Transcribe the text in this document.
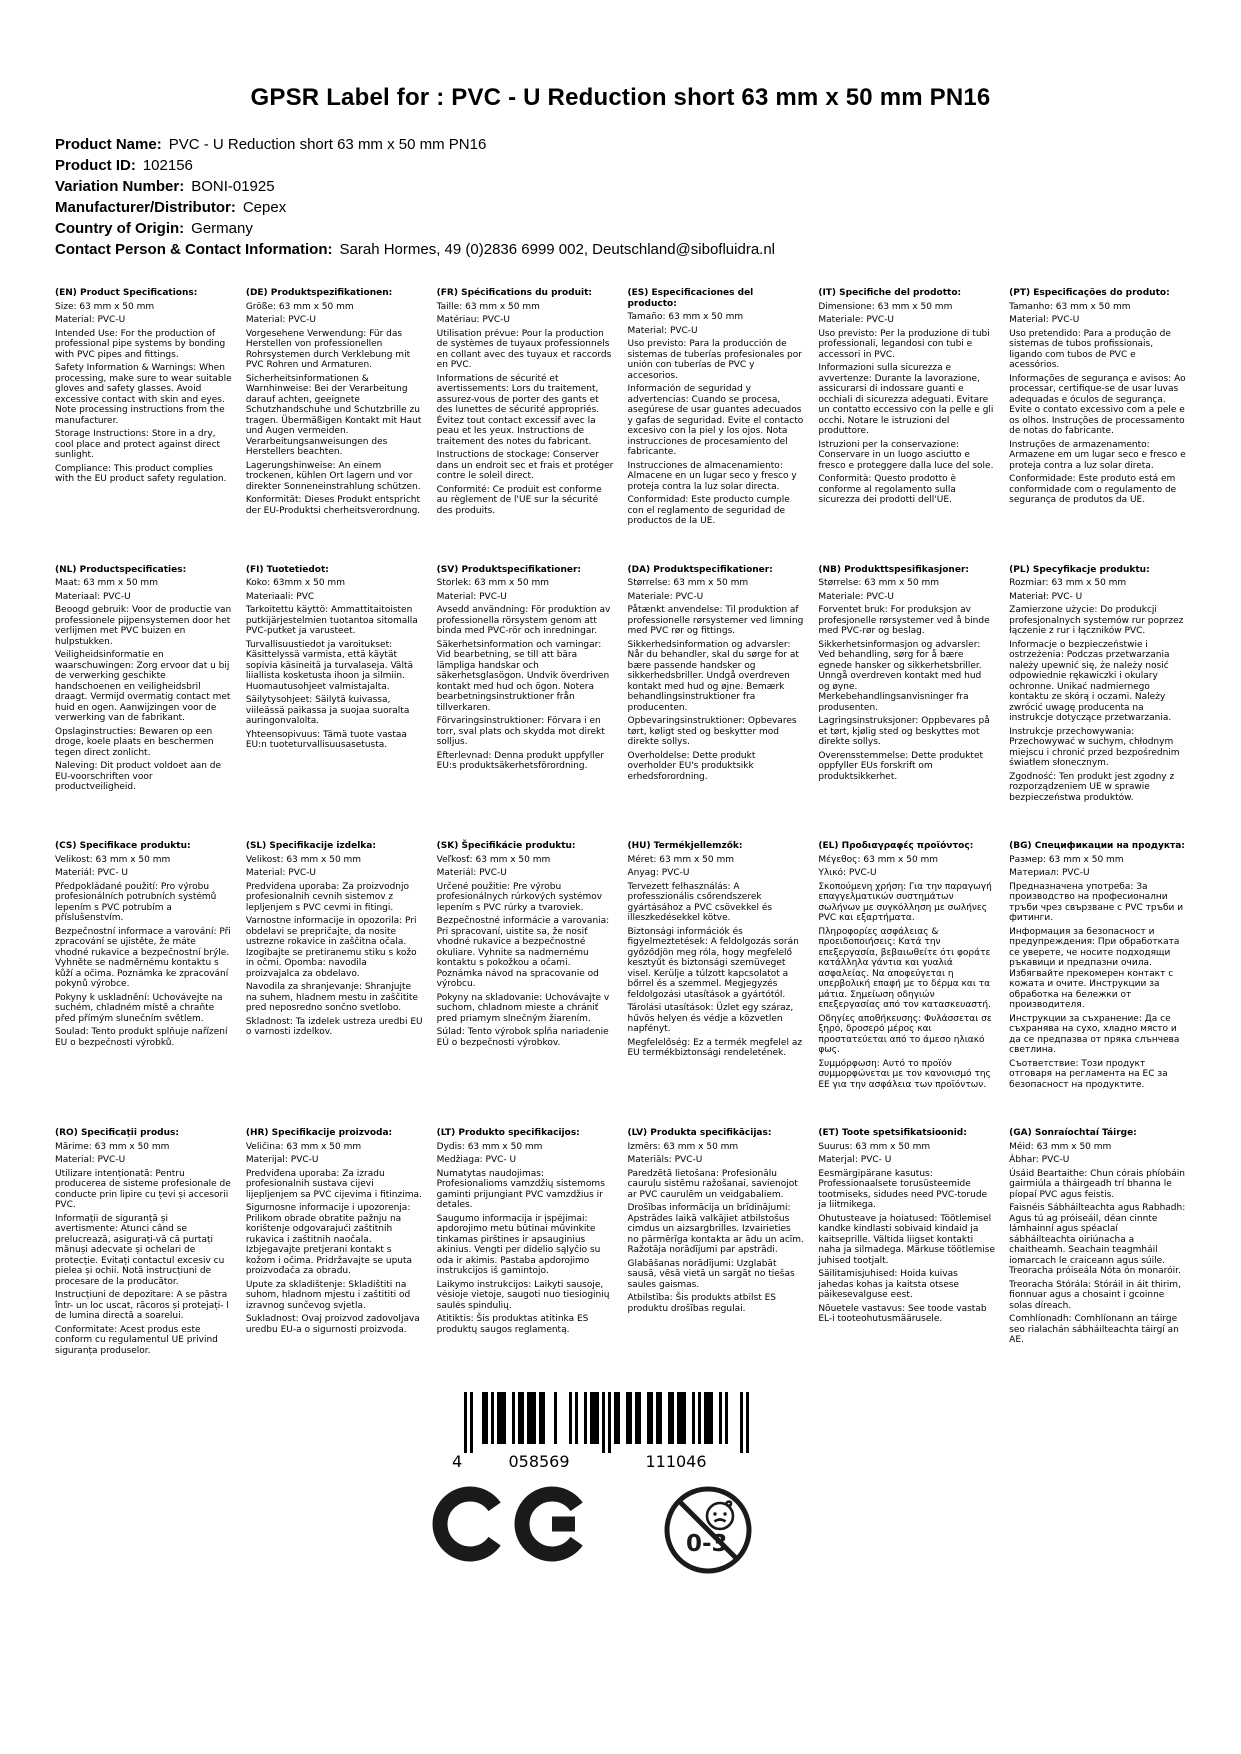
GPSR Label for : PVC - U Reduction short 63 mm x 50 mm PN16
Product Name: PVC - U Reduction short 63 mm x 50 mm PN16
Product ID: 102156
Variation Number: BONI-01925
Manufacturer/Distributor: Cepex
Country of Origin: Germany
Contact Person & Contact Information: Sarah Hormes, 49 (0)2836 6999 002, Deutschland@sibofluidra.nl
(EN) Product Specifications:

Size: 63 mm x 50 mm

Material: PVC-U

Intended Use: For the production of professional pipe systems by bonding with PVC pipes and fittings.

Safety Information & Warnings: When processing, make sure to wear suitable gloves and safety glasses. Avoid excessive contact with skin and eyes. Note processing instructions from the manufacturer.

Storage Instructions: Store in a dry, cool place and protect against direct sunlight.

Compliance: This product complies with the EU product safety regulation.

(DE) Produktspezifikationen:

Größe: 63 mm x 50 mm

Material: PVC-U

Vorgesehene Verwendung: Für das Herstellen von professionellen Rohrsystemen durch Verklebung mit PVC Rohren und Armaturen.

Sicherheitsinformationen & Warnhinweise: Bei der Verarbeitung darauf achten, geeignete Schutzhandschuhe und Schutzbrille zu tragen. Übermäßigen Kontakt mit Haut und Augen vermeiden. Verarbeitungsanweisungen des Herstellers beachten.

Lagerungshinweise: An einem trockenen, kühlen Ort lagern und vor direkter Sonneneinstrahlung schützen.

Konformität: Dieses Produkt entspricht der EU-Produktsi cherheitsverordnung.

(FR) Spécifications du produit:

Taille: 63 mm x 50 mm

Matériau: PVC-U

Utilisation prévue: Pour la production de systèmes de tuyaux professionnels en collant avec des tuyaux et raccords en PVC.

Informations de sécurité et avertissements: Lors du traitement, assurez-vous de porter des gants et des lunettes de sécurité appropriés. Évitez tout contact excessif avec la peau et les yeux. Instructions de traitement des notes du fabricant.

Instructions de stockage: Conserver dans un endroit sec et frais et protéger contre le soleil direct.

Conformité: Ce produit est conforme au règlement de l'UE sur la sécurité des produits.

(ES) Especificaciones del producto:

Tamaño: 63 mm x 50 mm

Material: PVC-U

Uso previsto: Para la producción de sistemas de tuberías profesionales por unión con tuberías de PVC y accesorios.

Información de seguridad y advertencias: Cuando se procesa, asegúrese de usar guantes adecuados y gafas de seguridad. Evite el contacto excesivo con la piel y los ojos. Nota instrucciones de procesamiento del fabricante.

Instrucciones de almacenamiento: Almacene en un lugar seco y fresco y proteja contra la luz solar directa.

Conformidad: Este producto cumple con el reglamento de seguridad de productos de la UE.

(IT) Specifiche del prodotto:

Dimensione: 63 mm x 50 mm

Materiale: PVC-U

Uso previsto: Per la produzione di tubi professionali, legandosi con tubi e accessori in PVC.

Informazioni sulla sicurezza e avvertenze: Durante la lavorazione, assicurarsi di indossare guanti e occhiali di sicurezza adeguati. Evitare un contatto eccessivo con la pelle e gli occhi. Notare le istruzioni del produttore.

Istruzioni per la conservazione: Conservare in un luogo asciutto e fresco e proteggere dalla luce del sole.

Conformità: Questo prodotto è conforme al regolamento sulla sicurezza dei prodotti dell'UE.

(PT) Especificações do produto:

Tamanho: 63 mm x 50 mm

Material: PVC-U

Uso pretendido: Para a produção de sistemas de tubos profissionais, ligando com tubos de PVC e acessórios.

Informações de segurança e avisos: Ao processar, certifique-se de usar luvas adequadas e óculos de segurança. Evite o contato excessivo com a pele e os olhos. Instruções de processamento de notas do fabricante.

Instruções de armazenamento: Armazene em um lugar seco e fresco e proteja contra a luz solar direta.

Conformidade: Este produto está em conformidade com o regulamento de segurança de produtos da UE.

(NL) Productspecificaties:

Maat: 63 mm x 50 mm

Materiaal: PVC-U

Beoogd gebruik: Voor de productie van professionele pijpensystemen door het verlijmen met PVC buizen en hulpstukken.

Veiligheidsinformatie en waarschuwingen: Zorg ervoor dat u bij de verwerking geschikte handschoenen en veiligheidsbril draagt. Vermijd overmatig contact met huid en ogen. Aanwijzingen voor de verwerking van de fabrikant.

Opslaginstructies: Bewaren op een droge, koele plaats en beschermen tegen direct zonlicht.

Naleving: Dit product voldoet aan de EU-voorschriften voor productveiligheid.

(FI) Tuotetiedot:

Koko: 63mm x 50 mm

Materiaali: PVC

Tarkoitettu käyttö: Ammattitaitoisten putkijärjestelmien tuotantoa sitomalla PVC-putket ja varusteet.

Turvallisuustiedot ja varoitukset: Käsittelyssä varmista, että käytät sopivia käsineitä ja turvalaseja. Vältä liiallista kosketusta ihoon ja silmiin. Huomautusohjeet valmistajalta.

Säilytysohjeet: Säilytä kuivassa, viileässä paikassa ja suojaa suoralta auringonvalolta.

Yhteensopivuus: Tämä tuote vastaa EU:n tuoteturvallisuusasetusta.

(SV) Produktspecifikationer:

Storlek: 63 mm x 50 mm

Material: PVC-U

Avsedd användning: För produktion av professionella rörsystem genom att binda med PVC-rör och inredningar.

Säkerhetsinformation och varningar: Vid bearbetning, se till att bära lämpliga handskar och säkerhetsglasögon. Undvik överdriven kontakt med hud och ögon. Notera bearbetningsinstruktioner från tillverkaren.

Förvaringsinstruktioner: Förvara i en torr, sval plats och skydda mot direkt solljus.

Efterlevnad: Denna produkt uppfyller EU:s produktsäkerhetsförordning.

(DA) Produktspecifikationer:

Størrelse: 63 mm x 50 mm

Materiale: PVC-U

Påtænkt anvendelse: Til produktion af professionelle rørsystemer ved limning med PVC rør og fittings.

Sikkerhedsinformation og advarsler: Når du behandler, skal du sørge for at bære passende handsker og sikkerhedsbriller. Undgå overdreven kontakt med hud og øjne. Bemærk behandlingsinstruktioner fra producenten.

Opbevaringsinstruktioner: Opbevares tørt, køligt sted og beskytter mod direkte sollys.

Overholdelse: Dette produkt overholder EU's produktsikk erhedsforordning.

(NB) Produkttspesifikasjoner:

Størrelse: 63 mm x 50 mm

Materiale: PVC-U

Forventet bruk: For produksjon av profesjonelle rørsystemer ved å binde med PVC-rør og beslag.

Sikkerhetsinformasjon og advarsler: Ved behandling, sørg for å bære egnede hansker og sikkerhetsbriller. Unngå overdreven kontakt med hud og øyne. Merkebehandlingsanvisninger fra produsenten.

Lagringsinstruksjoner: Oppbevares på et tørt, kjølig sted og beskyttes mot direkte sollys.

Overensstemmelse: Dette produktet oppfyller EUs forskrift om produktsikkerhet.

(PL) Specyfikacje produktu:

Rozmiar: 63 mm x 50 mm

Materiał: PVC- U

Zamierzone użycie: Do produkcji profesjonalnych systemów rur poprzez łączenie z rur i łączników PVC.

Informacje o bezpieczeństwie i ostrzeżenia: Podczas przetwarzania należy upewnić się, że należy nosić odpowiednie rękawiczki i okulary ochronne. Unikać nadmiernego kontaktu ze skórą i oczami. Należy zwrócić uwagę producenta na instrukcje dotyczące przetwarzania.

Instrukcje przechowywania: Przechowywać w suchym, chłodnym miejscu i chronić przed bezpośrednim światłem słonecznym.

Zgodność: Ten produkt jest zgodny z rozporządzeniem UE w sprawie bezpieczeństwa produktów.

(CS) Specifikace produktu:

Velikost: 63 mm x 50 mm

Materiál: PVC- U

Předpokládané použití: Pro výrobu profesionálních potrubních systémů lepením s PVC potrubím a příslušenstvím.

Bezpečnostní informace a varování: Při zpracování se ujistěte, že máte vhodné rukavice a bezpečnostní brýle. Vyhněte se nadměrnému kontaktu s kůží a očima. Poznámka ke zpracování pokynů výrobce.

Pokyny k uskladnění: Uchovávejte na suchém, chladném místě a chraňte před přímým slunečním světlem.

Soulad: Tento produkt splňuje nařízení EU o bezpečnosti výrobků.

(SL) Specifikacije izdelka:

Velikost: 63 mm x 50 mm

Material: PVC-U

Predvidena uporaba: Za proizvodnjo profesionalnih cevnih sistemov z lepljenjem s PVC cevmi in fitingi.

Varnostne informacije in opozorila: Pri obdelavi se prepričajte, da nosite ustrezne rokavice in zaščitna očala. Izogibajte se pretiranemu stiku s kožo in očmi. Opomba: navodila proizvajalca za obdelavo.

Navodila za shranjevanje: Shranjujte na suhem, hladnem mestu in zaščitite pred neposredno sončno svetlobo.

Skladnost: Ta izdelek ustreza uredbi EU o varnosti izdelkov.

(SK) Špecifikácie produktu:

Veľkosť: 63 mm x 50 mm

Materiál: PVC-U

Určené použitie: Pre výrobu profesionálnych rúrkových systémov lepením s PVC rúrky a tvaroviek.

Bezpečnostné informácie a varovania: Pri spracovaní, uistite sa, že nosiť vhodné rukavice a bezpečnostné okuliare. Vyhnite sa nadmernému kontaktu s pokožkou a očami. Poznámka návod na spracovanie od výrobcu.

Pokyny na skladovanie: Uchovávajte v suchom, chladnom mieste a chrániť pred priamym slnečným žiarením.

Súlad: Tento výrobok spĺňa nariadenie EÚ o bezpečnosti výrobkov.

(HU) Termékjellemzők:

Méret: 63 mm x 50 mm

Anyag: PVC-U

Tervezett felhasználás: A professzionális csőrendszerek gyártásához a PVC csövekkel és illeszkedésekkel kötve.

Biztonsági információk és figyelmeztetések: A feldolgozás során győződjön meg róla, hogy megfelelő kesztyűt és biztonsági szemüveget visel. Kerülje a túlzott kapcsolatot a bőrrel és a szemmel. Megjegyzés feldolgozási utasítások a gyártótól.

Tárolási utasítások: Üzlet egy száraz, hűvös helyen és védje a közvetlen napfényt.

Megfelelőség: Ez a termék megfelel az EU termékbiztonsági rendeletének.

(EL) Προδιαγραφές προϊόντος:

Μέγεθος: 63 mm x 50 mm

Υλικό: PVC-U

Σκοπούμενη χρήση: Για την παραγωγή επαγγελματικών συστημάτων σωλήνων με συγκόλληση με σωλήνες PVC και εξαρτήματα.

Πληροφορίες ασφάλειας & προειδοποιήσεις: Κατά την επεξεργασία, βεβαιωθείτε ότι φοράτε κατάλληλα γάντια και γυαλιά ασφαλείας. Να αποφεύγεται η υπερβολική επαφή με το δέρμα και τα μάτια. Σημείωση οδηγιών επεξεργασίας από τον κατασκευαστή.

Οδηγίες αποθήκευσης: Φυλάσσεται σε ξηρό, δροσερό μέρος και προστατεύεται από το άμεσο ηλιακό φως.

Συμμόρφωση: Αυτό το προϊόν συμμορφώνεται με τον κανονισμό της ΕΕ για την ασφάλεια των προϊόντων.

(BG) Спецификации на продукта:

Размер: 63 mm x 50 mm

Материал: PVC-U

Предназначена употреба: За производство на професионални тръби чрез свързване с PVC тръби и фитинги.

Информация за безопасност и предупреждения: При обработката се уверете, че носите подходящи ръкавици и предпазни очила. Избягвайте прекомерен контакт с кожата и очите. Инструкции за обработка на бележки от производителя.

Инструкции за съхранение: Да се съхранява на сухо, хладно място и да се предпазва от пряка слънчева светлина.

Съответствие: Този продукт отговаря на регламента на ЕС за безопасност на продуктите.

(RO) Specificații produs:

Mărime: 63 mm x 50 mm

Material: PVC-U

Utilizare intenționată: Pentru producerea de sisteme profesionale de conducte prin lipire cu țevi și accesorii PVC.

Informații de siguranță și avertismente: Atunci când se prelucrează, asigurați-vă că purtați mănuși adecvate și ochelari de protecție. Evitați contactul excesiv cu pielea și ochii. Notă instrucțiuni de procesare de la producător.

Instrucțiuni de depozitare: A se păstra într- un loc uscat, răcoros și protejați- l de lumina directă a soarelui.

Conformitate: Acest produs este conform cu regulamentul UE privind siguranța produselor.

(HR) Specifikacije proizvoda:

Veličina: 63 mm x 50 mm

Materijal: PVC-U

Predviđena uporaba: Za izradu profesionalnih sustava cijevi lijepljenjem sa PVC cijevima i fitinzima.

Sigurnosne informacije i upozorenja: Prilikom obrade obratite pažnju na korištenje odgovarajući zaštitnih rukavica i zaštitnih naočala. Izbjegavajte pretjerani kontakt s kožom i očima. Pridržavajte se uputa proizvođača za obradu.

Upute za skladištenje: Skladištiti na suhom, hladnom mjestu i zaštititi od izravnog sunčevog svjetla.

Sukladnost: Ovaj proizvod zadovoljava uredbu EU-a o sigurnosti proizvoda.

(LT) Produkto specifikacijos:

Dydis: 63 mm x 50 mm

Medžiaga: PVC- U

Numatytas naudojimas: Profesionalioms vamzdžių sistemoms gaminti prijungiant PVC vamzdžius ir detales.

Saugumo informacija ir įspėjimai: apdorojimo metu būtinai mūvinkite tinkamas pirštines ir apsauginius akinius. Vengti per didelio sąlyčio su oda ir akimis. Pastaba apdorojimo instrukcijos iš gamintojo.

Laikymo instrukcijos: Laikyti sausoje, vėsioje vietoje, saugoti nuo tiesioginių saulės spindulių.

Atitiktis: Šis produktas atitinka ES produktų saugos reglamentą.

(LV) Produkta specifikācijas:

Izmērs: 63 mm x 50 mm

Materiāls: PVC-U

Paredzētā lietošana: Profesionālu cauruļu sistēmu ražošanai, savienojot ar PVC caurulēm un veidgabaliem.

Drošības informācija un brīdinājumi: Apstrādes laikā valkājiet atbilstošus cimdus un aizsargbrilles. Izvairieties no pārmērīga kontakta ar ādu un acīm. Ražotāja norādījumi par apstrādi.

Glabāšanas norādījumi: Uzglabāt sausā, vēsā vietā un sargāt no tiešas saules gaismas.

Atbilstība: Šis produkts atbilst ES produktu drošības regulai.

(ET) Toote spetsifikatsioonid:

Suurus: 63 mm x 50 mm

Materjal: PVC- U

Eesmärgipärane kasutus: Professionaalsete torusüsteemide tootmiseks, sidudes need PVC-torude ja liitmikega.

Ohutusteave ja hoiatused: Töötlemisel kandke kindlasti sobivaid kindaid ja kaitseprille. Vältida liigset kontakti naha ja silmadega. Märkuse töötlemise juhised tootjalt.

Säilitamisjuhised: Hoida kuivas jahedas kohas ja kaitsta otsese päikesevalguse eest.

Nõuetele vastavus: See toode vastab EL-i tooteohutusmäärusele.

(GA) Sonraíochtaí Táirge:

Méid: 63 mm x 50 mm

Ábhar: PVC-U

Úsáid Beartaithe: Chun córais phíobáin gairmiúla a tháirgeadh trí bhanna le píopaí PVC agus feistis.

Faisnéis Sábháilteachta agus Rabhadh: Agus tú ag próiseáil, déan cinnte lámhainní agus spéaclaí sábháilteachta oiriúnacha a chaitheamh. Seachain teagmháil iomarcach le craiceann agus súile. Treoracha próiseála Nóta ón monaróir.

Treoracha Stórála: Stóráil in áit thirim, fionnuar agus a chosaint i gcoinne solas díreach.

Comhlíonadh: Comhlíonann an táirge seo rialachán sábháilteachta táirgí an AE.

4	058569	111046
0-3
